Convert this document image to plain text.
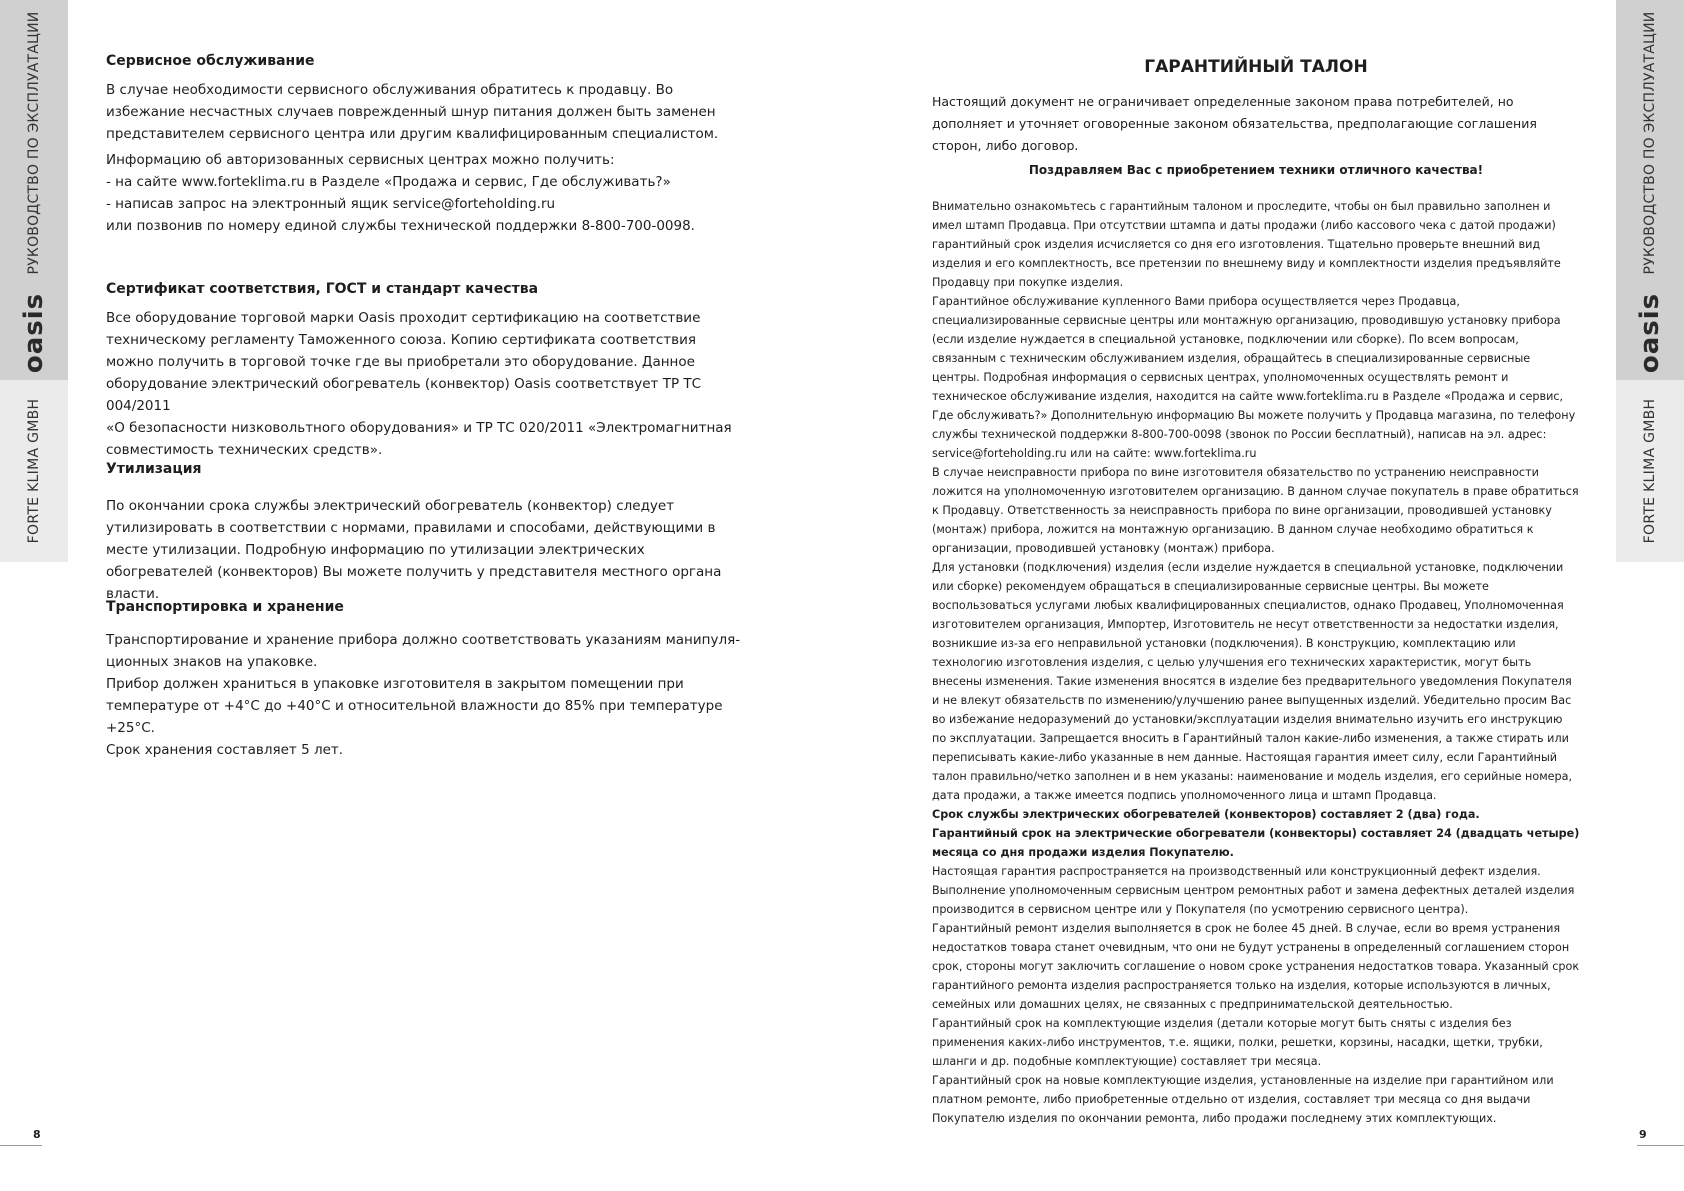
РУКОВОДСТВО ПО ЭКСПЛУАТАЦИИ
oasis
FORTE KLIMA GMBH
Сервисное обслуживание

В случае необходимости сервисного обслуживания обратитесь к продавцу. Во избежание несчастных случаев поврежденный шнур питания должен быть заменен представителем сервисного центра или другим квалифицированным специалистом.

Информацию об авторизованных сервисных центрах можно получить:

- на сайте www.forteklima.ru в Разделе «Продажа и сервис, Где обслуживать?»

- написав запрос на электронный ящик service@forteholding.ru

или позвонив по номеру единой службы технической поддержки 8-800-700-0098.

Сертификат соответствия, ГОСТ и стандарт качества

Все оборудование торговой марки Oasis проходит сертификацию на соответствие техническому регламенту Таможенного союза. Копию сертификата соответствия можно получить в торговой точке где вы приобретали это оборудование. Данное оборудование электрический обогреватель (конвектор) Oasis соответствует ТР ТС 004/2011

«О безопасности низковольтного оборудования» и ТР ТС 020/2011 «Электромагнитная совместимость технических средств».

Утилизация

По окончании срока службы электрический обогреватель (конвектор) следует утилизировать в соответствии с нормами, правилами и способами, действующими в месте утилизации. Подробную информацию по утилизации электрических обогревателей (конвекторов) Вы можете получить у представителя местного органа власти.

Транспортировка и хранение

Транспортирование и хранение прибора должно соответствовать указаниям манипуля-ционных знаков на упаковке.

Прибор должен храниться в упаковке изготовителя в закрытом помещении при температуре от +4°С до +40°С и относительной влажности до 85% при температуре +25°С.

Срок хранения составляет 5 лет.

8
РУКОВОДСТВО ПО ЭКСПЛУАТАЦИИ
oasis
FORTE KLIMA GMBH
9
ГАРАНТИЙНЫЙ ТАЛОН

Настоящий документ не ограничивает определенные законом права потребителей, но дополняет и уточняет оговоренные законом обязательства, предполагающие соглашения сторон, либо договор.

Поздравляем Вас с приобретением техники отличного качества!

Внимательно ознакомьтесь с гарантийным талоном и проследите, чтобы он был правильно заполнен и имел штамп Продавца. При отсутствии штампа и даты продажи (либо кассового чека с датой продажи) гарантийный срок изделия исчисляется со дня его изготовления. Тщательно проверьте внешний вид изделия и его комплектность, все претензии по внешнему виду и комплектности изделия предъявляйте Продавцу при покупке изделия.

Гарантийное обслуживание купленного Вами прибора осуществляется через Продавца, специализированные сервисные центры или монтажную организацию, проводившую установку прибора (если изделие нуждается в специальной установке, подключении или сборке). По всем вопросам, связанным с техническим обслуживанием изделия, обращайтесь в специализированные сервисные центры. Подробная информация о сервисных центрах, уполномоченных осуществлять ремонт и техническое обслуживание изделия, находится на сайте www.forteklima.ru в Разделе «Продажа и сервис, Где обслуживать?» Дополнительную информацию Вы можете получить у Продавца магазина, по телефону службы технической поддержки 8-800-700-0098 (звонок по России бесплатный), написав на эл. адрес: service@forteholding.ru или на сайте: www.forteklima.ru

В случае неисправности прибора по вине изготовителя обязательство по устранению неисправности ложится на уполномоченную изготовителем организацию. В данном случае покупатель в праве обратиться к Продавцу. Ответственность за неисправность прибора по вине организации, проводившей установку (монтаж) прибора, ложится на монтажную организацию. В данном случае необходимо обратиться к организации, проводившей установку (монтаж) прибора.

Для установки (подключения) изделия (если изделие нуждается в специальной установке, подключении или сборке) рекомендуем обращаться в специализированные сервисные центры. Вы можете воспользоваться услугами любых квалифицированных специалистов, однако Продавец, Уполномоченная изготовителем организация, Импортер, Изготовитель не несут ответственности за недостатки изделия, возникшие из-за его неправильной установки (подключения). В конструкцию, комплектацию или технологию изготовления изделия, с целью улучшения его технических характеристик, могут быть внесены изменения. Такие изменения вносятся в изделие без предварительного уведомления Покупателя и не влекут обязательств по изменению/улучшению ранее выпущенных изделий. Убедительно просим Вас во избежание недоразумений до установки/эксплуатации изделия внимательно изучить его инструкцию по эксплуатации. Запрещается вносить в Гарантийный талон какие-либо изменения, а также стирать или переписывать какие-либо указанные в нем данные. Настоящая гарантия имеет силу, если Гарантийный талон правильно/четко заполнен и в нем указаны: наименование и модель изделия, его серийные номера, дата продажи, а также имеется подпись уполномоченного лица и штамп Продавца.

Срок службы электрических обогревателей (конвекторов) составляет 2 (два) года.

Гарантийный срок на электрические обогреватели (конвекторы) составляет 24 (двадцать четыре) месяца со дня продажи изделия Покупателю.

Настоящая гарантия распространяется на производственный или конструкционный дефект изделия. Выполнение уполномоченным сервисным центром ремонтных работ и замена дефектных деталей изделия производится в сервисном центре или у Покупателя (по усмотрению сервисного центра).

Гарантийный ремонт изделия выполняется в срок не более 45 дней. В случае, если во время устранения недостатков товара станет очевидным, что они не будут устранены в определенный соглашением сторон срок, стороны могут заключить соглашение о новом сроке устранения недостатков товара. Указанный срок гарантийного ремонта изделия распространяется только на изделия, которые используются в личных, семейных или домашних целях, не связанных с предпринимательской деятельностью.

Гарантийный срок на комплектующие изделия (детали которые могут быть сняты с изделия без применения каких-либо инструментов, т.е. ящики, полки, решетки, корзины, насадки, щетки, трубки, шланги и др. подобные комплектующие) составляет три месяца.

Гарантийный срок на новые комплектующие изделия, установленные на изделие при гарантийном или платном ремонте, либо приобретенные отдельно от изделия, составляет три месяца со дня выдачи Покупателю изделия по окончании ремонта, либо продажи последнему этих комплектующих.
